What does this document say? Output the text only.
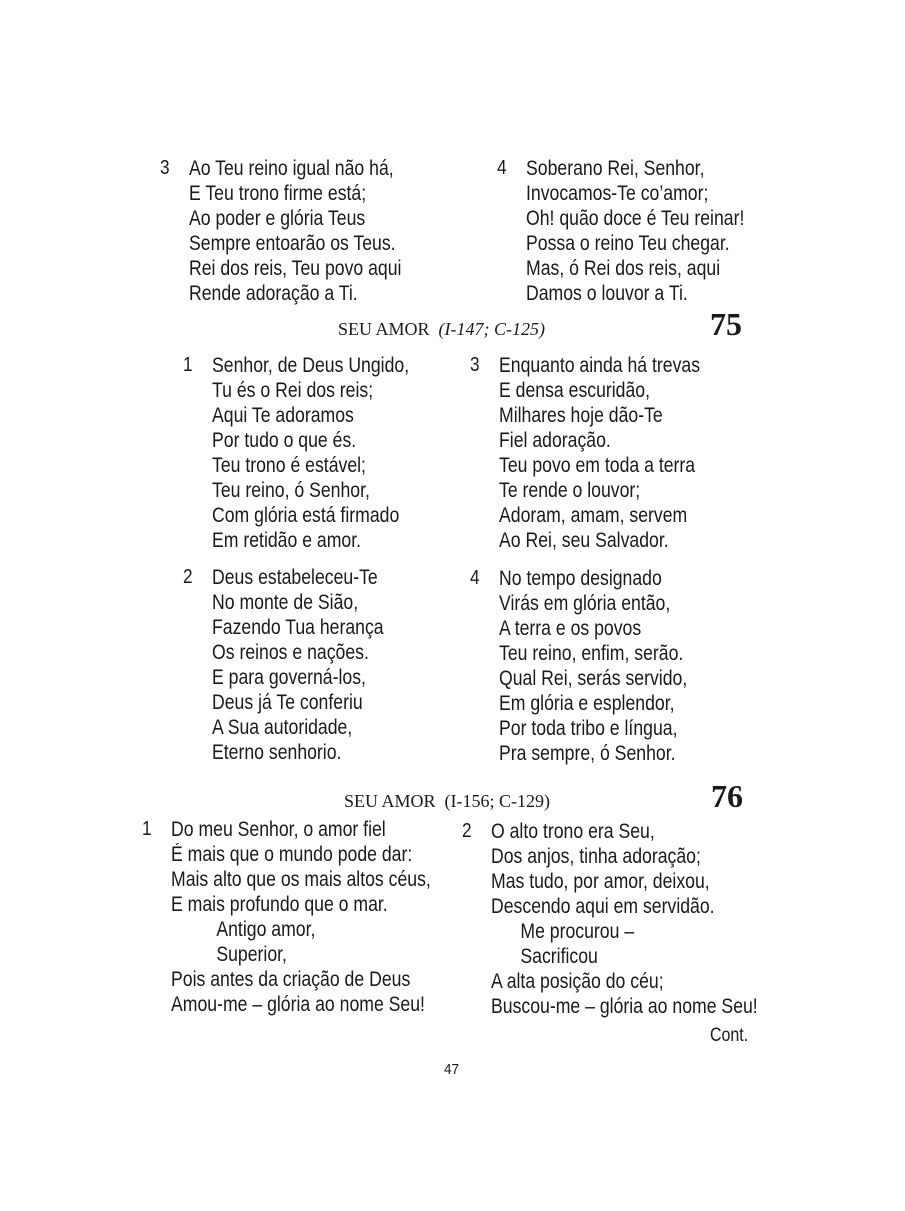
3 Ao Teu reino igual não há,
E Teu trono firme está;
Ao poder e glória Teus
Sempre entoarão os Teus.
Rei dos reis, Teu povo aqui
Rende adoração a Ti.
4 Soberano Rei, Senhor,
Invocamos-Te co’amor;
Oh! quão doce é Teu reinar!
Possa o reino Teu chegar.
Mas, ó Rei dos reis, aqui
Damos o louvor a Ti.
SEU AMOR (I-147; C-125)	75
1 Senhor, de Deus Ungido,
Tu és o Rei dos reis;
Aqui Te adoramos
Por tudo o que és.
Teu trono é estável;
Teu reino, ó Senhor,
Com glória está firmado
Em retidão e amor.
3 Enquanto ainda há trevas
E densa escuridão,
Milhares hoje dão-Te
Fiel adoração.
Teu povo em toda a terra
Te rende o louvor;
Adoram, amam, servem
Ao Rei, seu Salvador.
2 Deus estabeleceu-Te
No monte de Sião,
Fazendo Tua herança
Os reinos e nações.
E para governá-los,
Deus já Te conferiu
A Sua autoridade,
Eterno senhorio.
4 No tempo designado
Virás em glória então,
A terra e os povos
Teu reino, enfim, serão.
Qual Rei, serás servido,
Em glória e esplendor,
Por toda tribo e língua,
Pra sempre, ó Senhor.
SEU AMOR (I-156; C-129)	76
1 Do meu Senhor, o amor fiel
É mais que o mundo pode dar:
Mais alto que os mais altos céus,
E mais profundo que o mar.
Antigo amor,
Superior,
Pois antes da criação de Deus
Amou-me – glória ao nome Seu!
2 O alto trono era Seu,
Dos anjos, tinha adoração;
Mas tudo, por amor, deixou,
Descendo aqui em servidão.
Me procurou –
Sacrificou
A alta posição do céu;
Buscou-me – glória ao nome Seu!
Cont.
47
